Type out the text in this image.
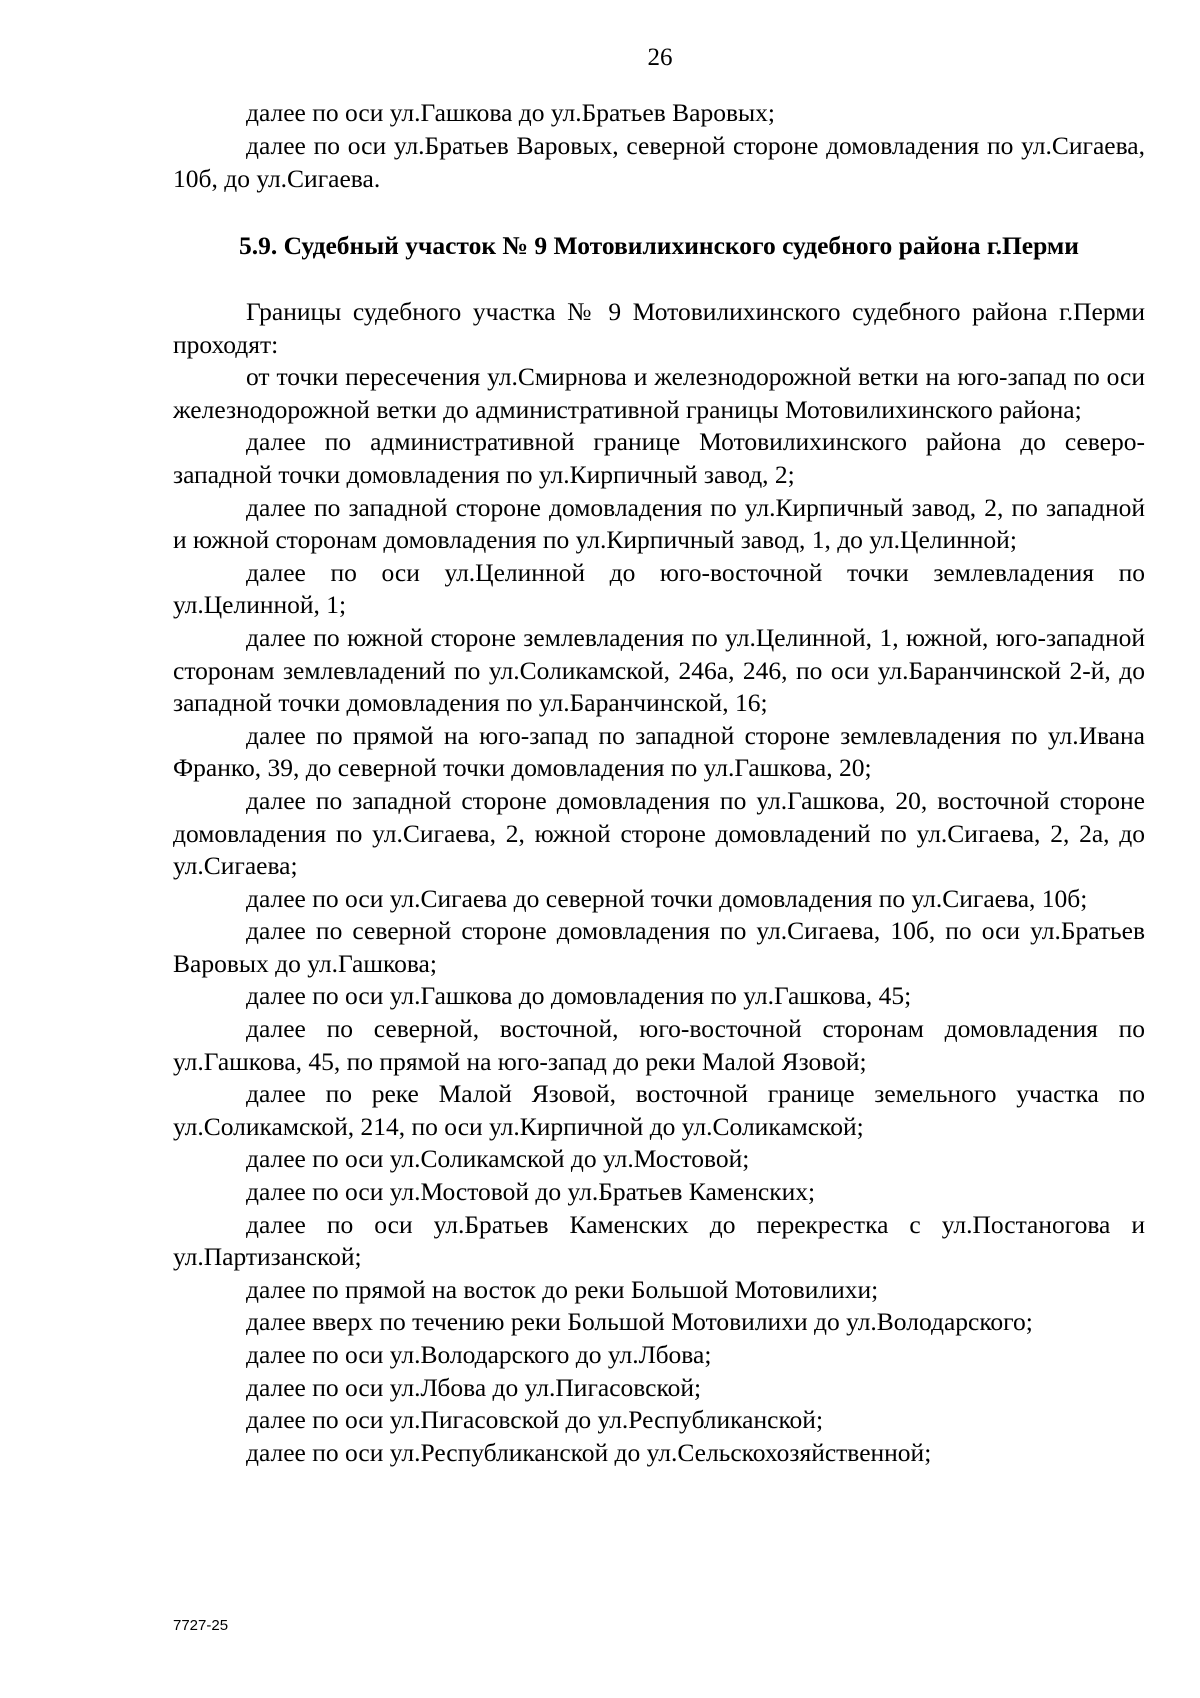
26

далее по оси ул.Гашкова до ул.Братьев Варовых;

далее по оси ул.Братьев Варовых, северной стороне домовладения по ул.Сигаева, 10б, до ул.Сигаева.

5.9. Судебный участок № 9 Мотовилихинского судебного района г.Перми

Границы судебного участка № 9 Мотовилихинского судебного района г.Перми проходят:

от точки пересечения ул.Смирнова и железнодорожной ветки на юго-запад по оси железнодорожной ветки до административной границы Мотовилихинского района;

далее по административной границе Мотовилихинского района до северо-западной точки домовладения по ул.Кирпичный завод, 2;

далее по западной стороне домовладения по ул.Кирпичный завод, 2, по западной и южной сторонам домовладения по ул.Кирпичный завод, 1, до ул.Целинной;

далее по оси ул.Целинной до юго-восточной точки землевладения по ул.Целинной, 1;

далее по южной стороне землевладения по ул.Целинной, 1, южной, юго-западной сторонам землевладений по ул.Соликамской, 246а, 246, по оси ул.Баранчинской 2-й, до западной точки домовладения по ул.Баранчинской, 16;

далее по прямой на юго-запад по западной стороне землевладения по ул.Ивана Франко, 39, до северной точки домовладения по ул.Гашкова, 20;

далее по западной стороне домовладения по ул.Гашкова, 20, восточной стороне домовладения по ул.Сигаева, 2, южной стороне домовладений по ул.Сигаева, 2, 2а, до ул.Сигаева;

далее по оси ул.Сигаева до северной точки домовладения по ул.Сигаева, 10б;

далее по северной стороне домовладения по ул.Сигаева, 10б, по оси ул.Братьев Варовых до ул.Гашкова;

далее по оси ул.Гашкова до домовладения по ул.Гашкова, 45;

далее по северной, восточной, юго-восточной сторонам домовладения по ул.Гашкова, 45, по прямой на юго-запад до реки Малой Язовой;

далее по реке Малой Язовой, восточной границе земельного участка по ул.Соликамской, 214, по оси ул.Кирпичной до ул.Соликамской;

далее по оси ул.Соликамской до ул.Мостовой;

далее по оси ул.Мостовой до ул.Братьев Каменских;

далее по оси ул.Братьев Каменских до перекрестка с ул.Постаногова и ул.Партизанской;

далее по прямой на восток до реки Большой Мотовилихи;

далее вверх по течению реки Большой Мотовилихи до ул.Володарского;

далее по оси ул.Володарского до ул.Лбова;

далее по оси ул.Лбова до ул.Пигасовской;

далее по оси ул.Пигасовской до ул.Республиканской;

далее по оси ул.Республиканской до ул.Сельскохозяйственной;

7727-25
